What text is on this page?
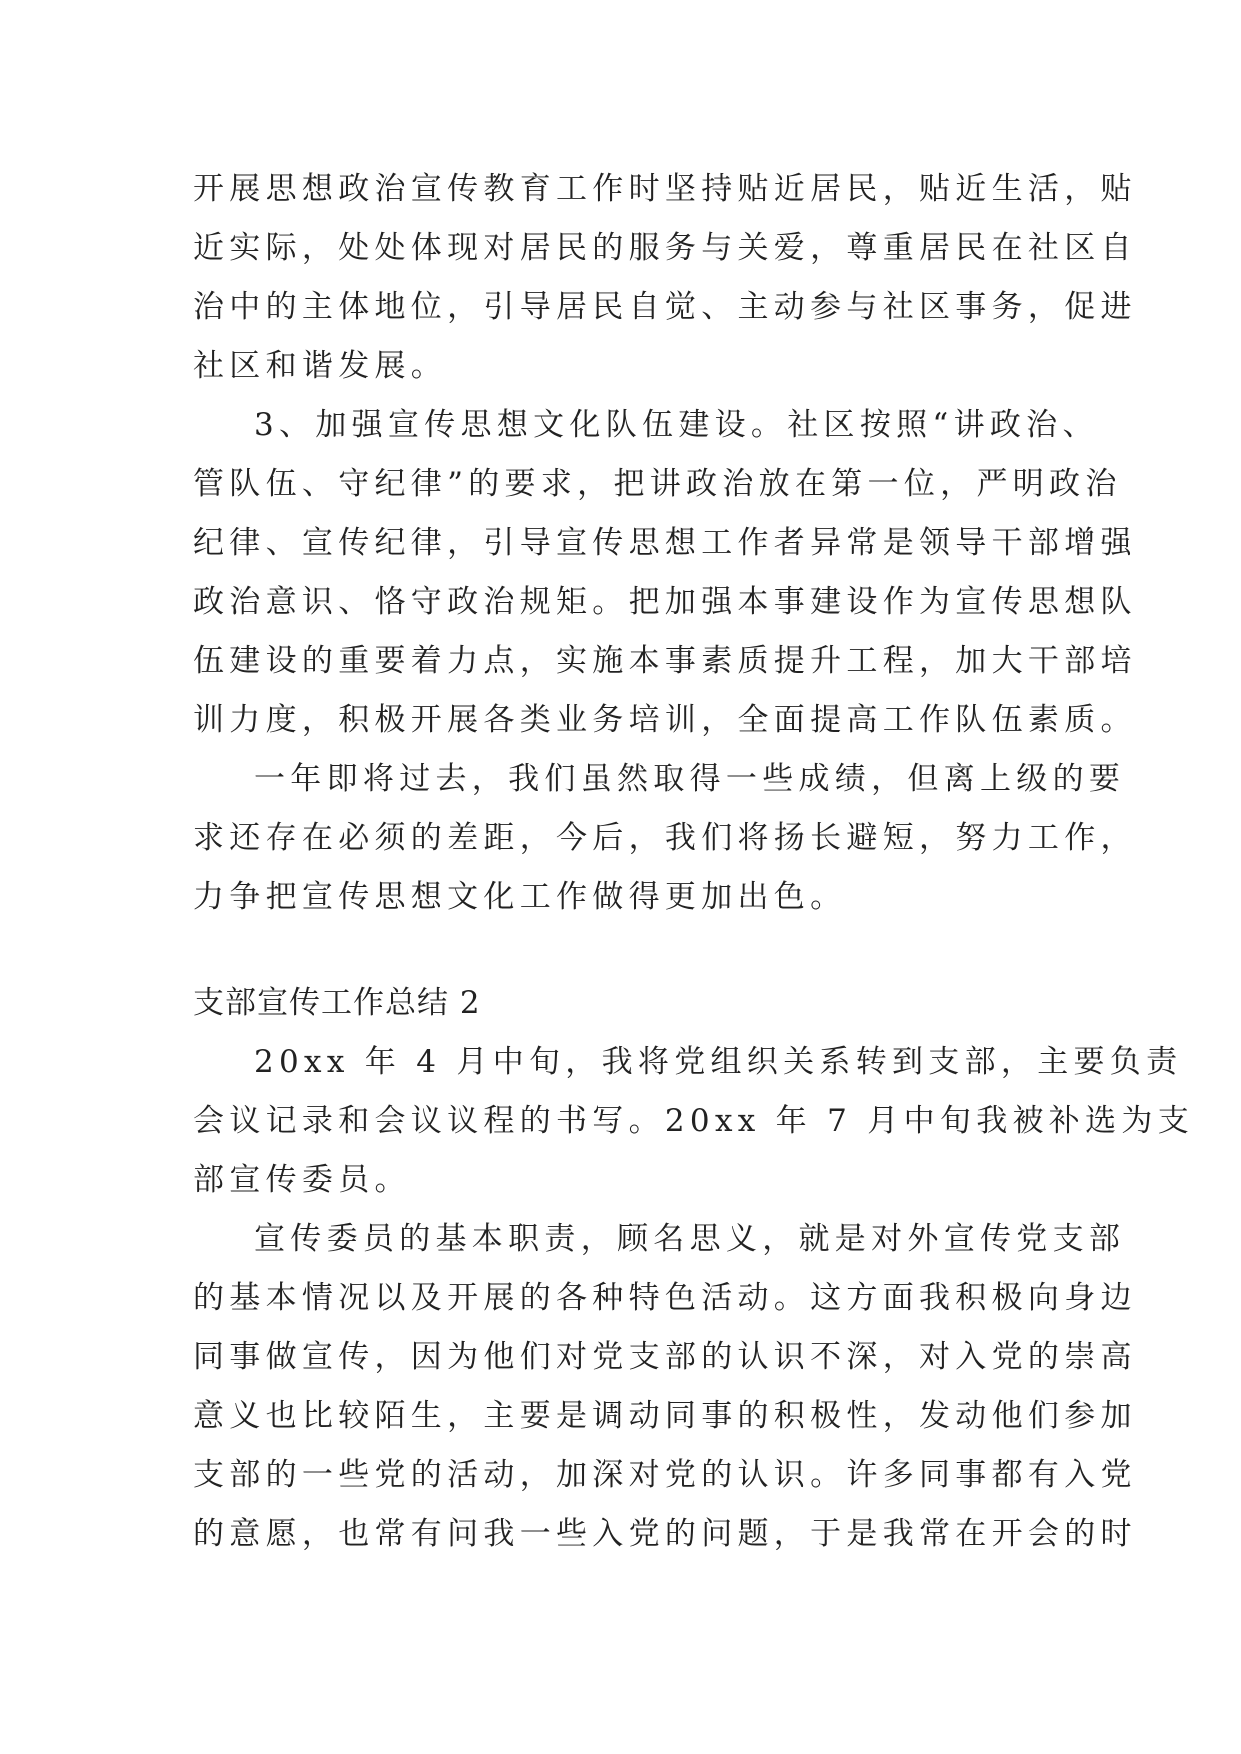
开展思想政治宣传教育工作时坚持贴近居民，贴近生活，贴
近实际，处处体现对居民的服务与关爱，尊重居民在社区自
治中的主体地位，引导居民自觉、主动参与社区事务，促进
社区和谐发展。
3、加强宣传思想文化队伍建设。社区按照“讲政治、
管队伍、守纪律”的要求，把讲政治放在第一位，严明政治
纪律、宣传纪律，引导宣传思想工作者异常是领导干部增强
政治意识、恪守政治规矩。把加强本事建设作为宣传思想队
伍建设的重要着力点，实施本事素质提升工程，加大干部培
训力度，积极开展各类业务培训，全面提高工作队伍素质。
一年即将过去，我们虽然取得一些成绩，但离上级的要
求还存在必须的差距，今后，我们将扬长避短，努力工作，
力争把宣传思想文化工作做得更加出色。
支部宣传工作总结 2
20xx 年 4 月中旬，我将党组织关系转到支部，主要负责
会议记录和会议议程的书写。20xx 年 7 月中旬我被补选为支
部宣传委员。
宣传委员的基本职责，顾名思义，就是对外宣传党支部
的基本情况以及开展的各种特色活动。这方面我积极向身边
同事做宣传，因为他们对党支部的认识不深，对入党的崇高
意义也比较陌生，主要是调动同事的积极性，发动他们参加
支部的一些党的活动，加深对党的认识。许多同事都有入党
的意愿，也常有问我一些入党的问题，于是我常在开会的时
